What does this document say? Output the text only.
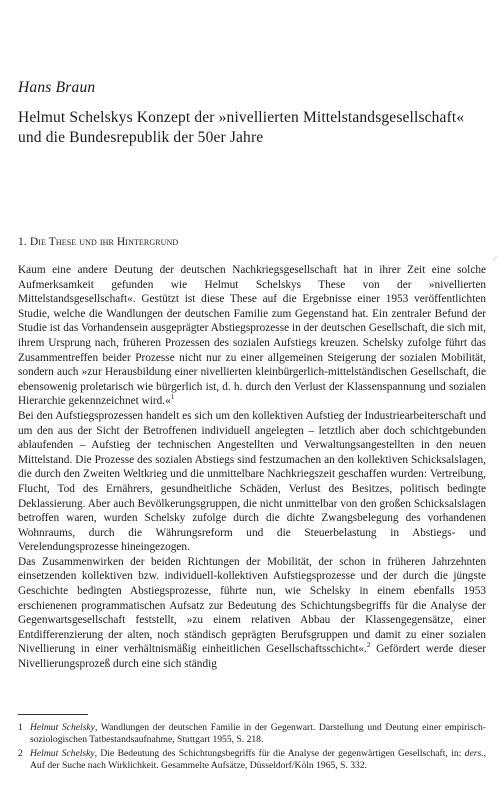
Hans Braun
Helmut Schelskys Konzept der »nivellierten Mittelstandsgesellschaft« und die Bundesrepublik der 50er Jahre
1. Die These und ihr Hintergrund

Kaum eine andere Deutung der deutschen Nachkriegsgesellschaft hat in ihrer Zeit eine solche Aufmerksamkeit gefunden wie Helmut Schelskys These von der »nivellierten Mittelstandsgesellschaft«. Gestützt ist diese These auf die Ergebnisse einer 1953 veröffentlichten Studie, welche die Wandlungen der deutschen Familie zum Gegenstand hat. Ein zentraler Befund der Studie ist das Vorhandensein ausgeprägter Abstiegsprozesse in der deutschen Gesellschaft, die sich mit, ihrem Ursprung nach, früheren Prozessen des sozialen Aufstiegs kreuzen. Schelsky zufolge führt das Zusammentreffen beider Prozesse nicht nur zu einer allgemeinen Steigerung der sozialen Mobilität, sondern auch »zur Herausbildung einer nivellierten kleinbürgerlich-mittelständischen Gesellschaft, die ebensowenig proletarisch wie bürgerlich ist, d. h. durch den Verlust der Klassenspannung und sozialen Hierarchie gekennzeichnet wird.«$^1$

Bei den Aufstiegsprozessen handelt es sich um den kollektiven Aufstieg der Industriearbeiterschaft und um den aus der Sicht der Betroffenen individuell angelegten – letztlich aber doch schichtgebunden ablaufenden – Aufstieg der technischen Angestellten und Verwaltungsangestellten in den neuen Mittelstand. Die Prozesse des sozialen Abstiegs sind festzumachen an den kollektiven Schicksalslagen, die durch den Zweiten Weltkrieg und die unmittelbare Nachkriegszeit geschaffen wurden: Vertreibung, Flucht, Tod des Ernährers, gesundheitliche Schäden, Verlust des Besitzes, politisch bedingte Deklassierung. Aber auch Bevölkerungsgruppen, die nicht unmittelbar von den großen Schicksalslagen betroffen waren, wurden Schelsky zufolge durch die dichte Zwangsbelegung des vorhandenen Wohnraums, durch die Währungsreform und die Steuerbelastung in Abstiegs- und Verelendungsprozesse hineingezogen.

Das Zusammenwirken der beiden Richtungen der Mobilität, der schon in früheren Jahrzehnten einsetzenden kollektiven bzw. individuell-kollektiven Aufstiegsprozesse und der durch die jüngste Geschichte bedingten Abstiegsprozesse, führte nun, wie Schelsky in einem ebenfalls 1953 erschienenen programmatischen Aufsatz zur Bedeutung des Schichtungsbegriffs für die Analyse der Gegenwartsgesellschaft feststellt, »zu einem relativen Abbau der Klassengegensätze, einer Entdifferenzierung der alten, noch ständisch geprägten Berufsgruppen und damit zu einer sozialen Nivellierung in einer verhältnismäßig einheitlichen Gesellschaftsschicht«.$^2$ Gefördert werde dieser Nivellierungsprozeß durch eine sich ständig

1 Helmut Schelsky, Wandlungen der deutschen Familie in der Gegenwart. Darstellung und Deutung einer empirisch-soziologischen Tatbestandsaufnahme, Stuttgart 1955, S. 218.
2 Helmut Schelsky, Die Bedeutung des Schichtungsbegriffs für die Analyse der gegenwärtigen Gesellschaft, in: ders., Auf der Suche nach Wirklichkeit. Gesammelte Aufsätze, Düsseldorf/Köln 1965, S. 332.
